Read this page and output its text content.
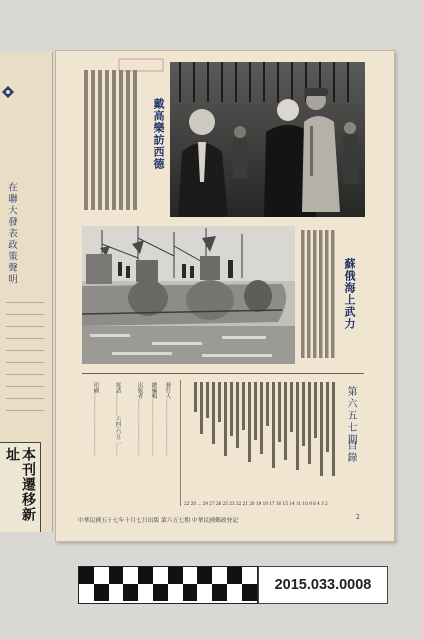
在聯大發表政策聲明
本刊遷移新址
戴高樂訪西德
蘇俄海上武力
第六五七期
目錄
22 20 ... 29 27 26 25 23 22 21 20 19 18 17 16 15 14 11 10 8 6 4 3 2
發行人…………………………
總編輯…………………………
出版者…………………………
電話…………六四六五二……
印刷……………………………
中華民國五十七年十月七日出版 第六五七期 中華民國郵政登記	2
2015.033.0008
